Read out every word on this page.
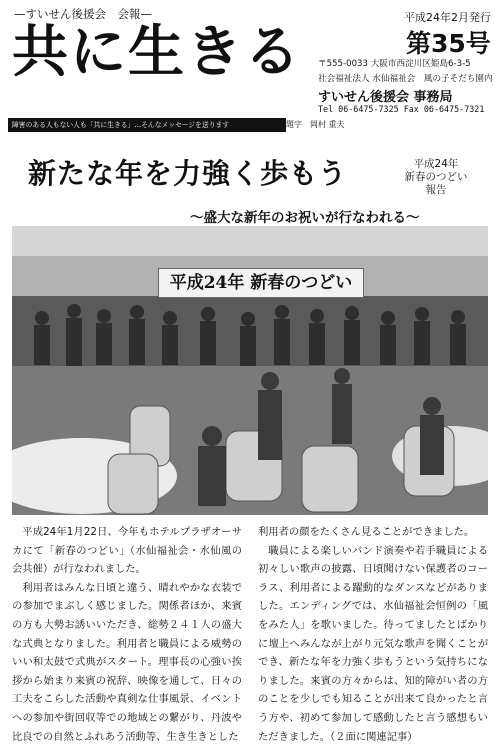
—すいせん後援会　会報—
共に生きる
障害のある人もない人も「共に生きる」…そんなメッセージを送ります	題字　岡村 重夫
平成24年2月発行
第35号
〒555-0033 大阪市西淀川区姫島6-3-5
社会福祉法人 水仙福祉会　風の子そだち園内
すいせん後援会 事務局
Tel 06-6475-7325 Fax 06-6475-7321
新たな年を力強く歩もう	平成24年
新春のつどい
報告
〜盛大な新年のお祝いが行なわれる〜
平成24年 新春のつどい

平成24年1月22日、今年もホテルプラザオーサカにて「新春のつどい」（水仙福祉会・水仙風の会共催）が行なわれました。

利用者はみんな日頃と違う、晴れやかな衣装での参加でまぶしく感じました。関係者ほか、来賓の方も大勢お誘いいただき、総勢２４１人の盛大な式典となりました。利用者と職員による威勢のいい和太鼓で式典がスタート。理事長の心強い挨拶から始まり来賓の祝辞、映像を通して、日々の工夫をこらした活動や真剣な仕事風景、イベントへの参加や街回収等での地域との繋がり、丹波や比良での自然とふれあう活動等、生き生きとした

利用者の顔をたくさん見ることができました。

職員による楽しいバンド演奏や若手職員による初々しい歌声の披露、日頃聞けない保護者のコーラス、利用者による躍動的なダンスなどがありました。エンディングでは、水仙福祉会恒例の「風をみた人」を歌いました。待ってましたとばかりに壇上へみんなが上がり元気な歌声を聞くことができ、新たな年を力強く歩もうという気持ちになりました。来賓の方々からは、知的障がい者の方のことを少しでも知ることが出来て良かったと言う方や、初めて参加して感動したと言う感想もいただきました。（２面に関連記事）
